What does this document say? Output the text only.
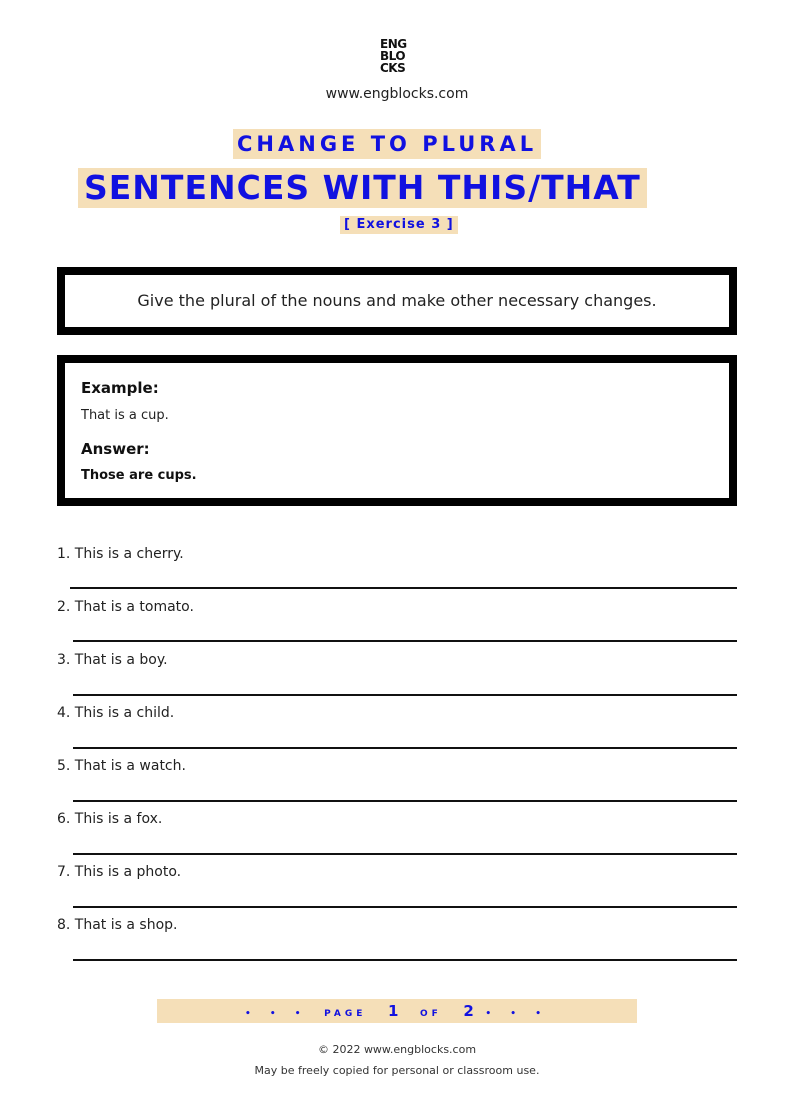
ENG
BLO
CKS
www.engblocks.com
CHANGE TO PLURAL
SENTENCES WITH THIS/THAT
[ Exercise 3 ]
Give the plural of the nouns and make other necessary changes.
Example:
That is a cup.
Answer:
Those are cups.
1. This is a cherry.
2. That is a tomato.
3. That is a boy.
4. This is a child.
5. That is a watch.
6. This is a fox.
7. This is a photo.
8. That is a shop.
• • • PAGE 1 OF 2 • • •
© 2022 www.engblocks.com
May be freely copied for personal or classroom use.
